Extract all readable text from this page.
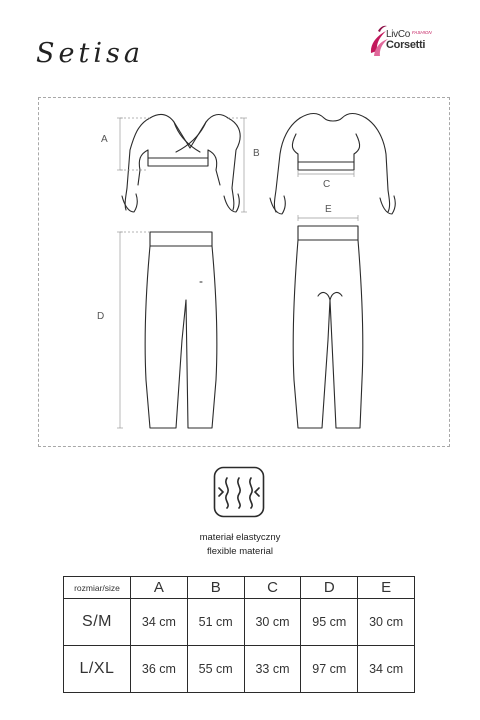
Setisa
LivCo FASHION
Corsetti
A
B
C
D
E
materiał elastyczny
flexible material
rozmiar/size	A	B	C	D	E
S/M	34 cm	51 cm	30 cm	95 cm	30 cm
L/XL	36 cm	55 cm	33 cm	97 cm	34 cm
